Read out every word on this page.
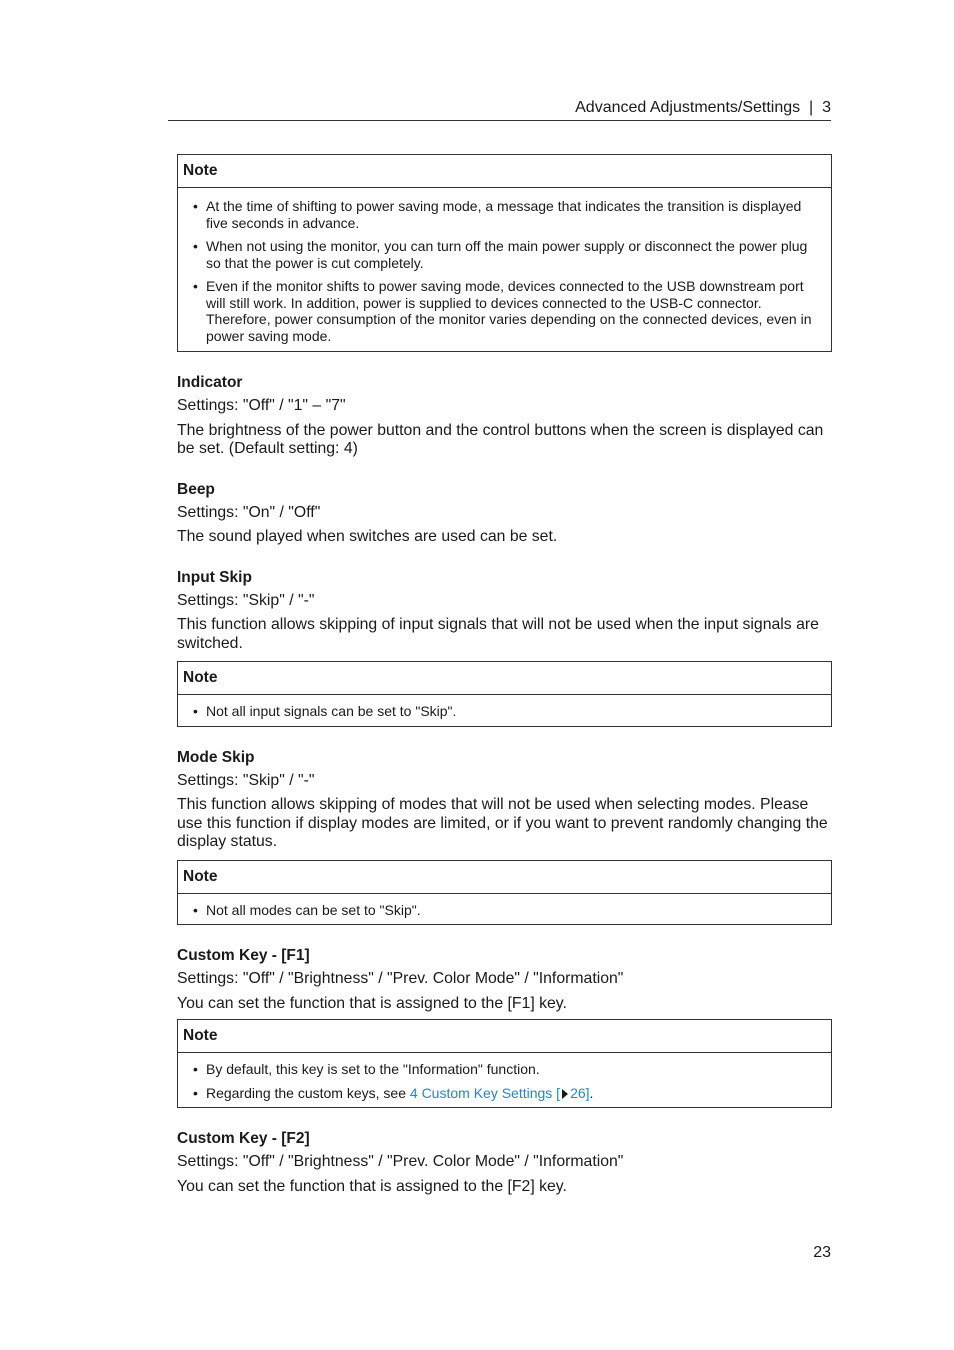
Advanced Adjustments/Settings | 3
Note
• At the time of shifting to power saving mode, a message that indicates the transition is displayed five seconds in advance.
• When not using the monitor, you can turn off the main power supply or disconnect the power plug so that the power is cut completely.
• Even if the monitor shifts to power saving mode, devices connected to the USB downstream port will still work. In addition, power is supplied to devices connected to the USB-C connector. Therefore, power consumption of the monitor varies depending on the connected devices, even in power saving mode.
Indicator

Settings: "Off" / "1" – "7"

The brightness of the power button and the control buttons when the screen is displayed can be set. (Default setting: 4)

Beep

Settings: "On" / "Off"

The sound played when switches are used can be set.

Input Skip

Settings: "Skip" / "-"

This function allows skipping of input signals that will not be used when the input signals are switched.

Note
• Not all input signals can be set to "Skip".
Mode Skip

Settings: "Skip" / "-"

This function allows skipping of modes that will not be used when selecting modes. Please use this function if display modes are limited, or if you want to prevent randomly changing the display status.

Note
• Not all modes can be set to "Skip".
Custom Key - [F1]

Settings: "Off" / "Brightness" / "Prev. Color Mode" / "Information"

You can set the function that is assigned to the [F1] key.

Note
• By default, this key is set to the "Information" function.
• Regarding the custom keys, see 4 Custom Key Settings [ 26].
Custom Key - [F2]

Settings: "Off" / "Brightness" / "Prev. Color Mode" / "Information"

You can set the function that is assigned to the [F2] key.

23
